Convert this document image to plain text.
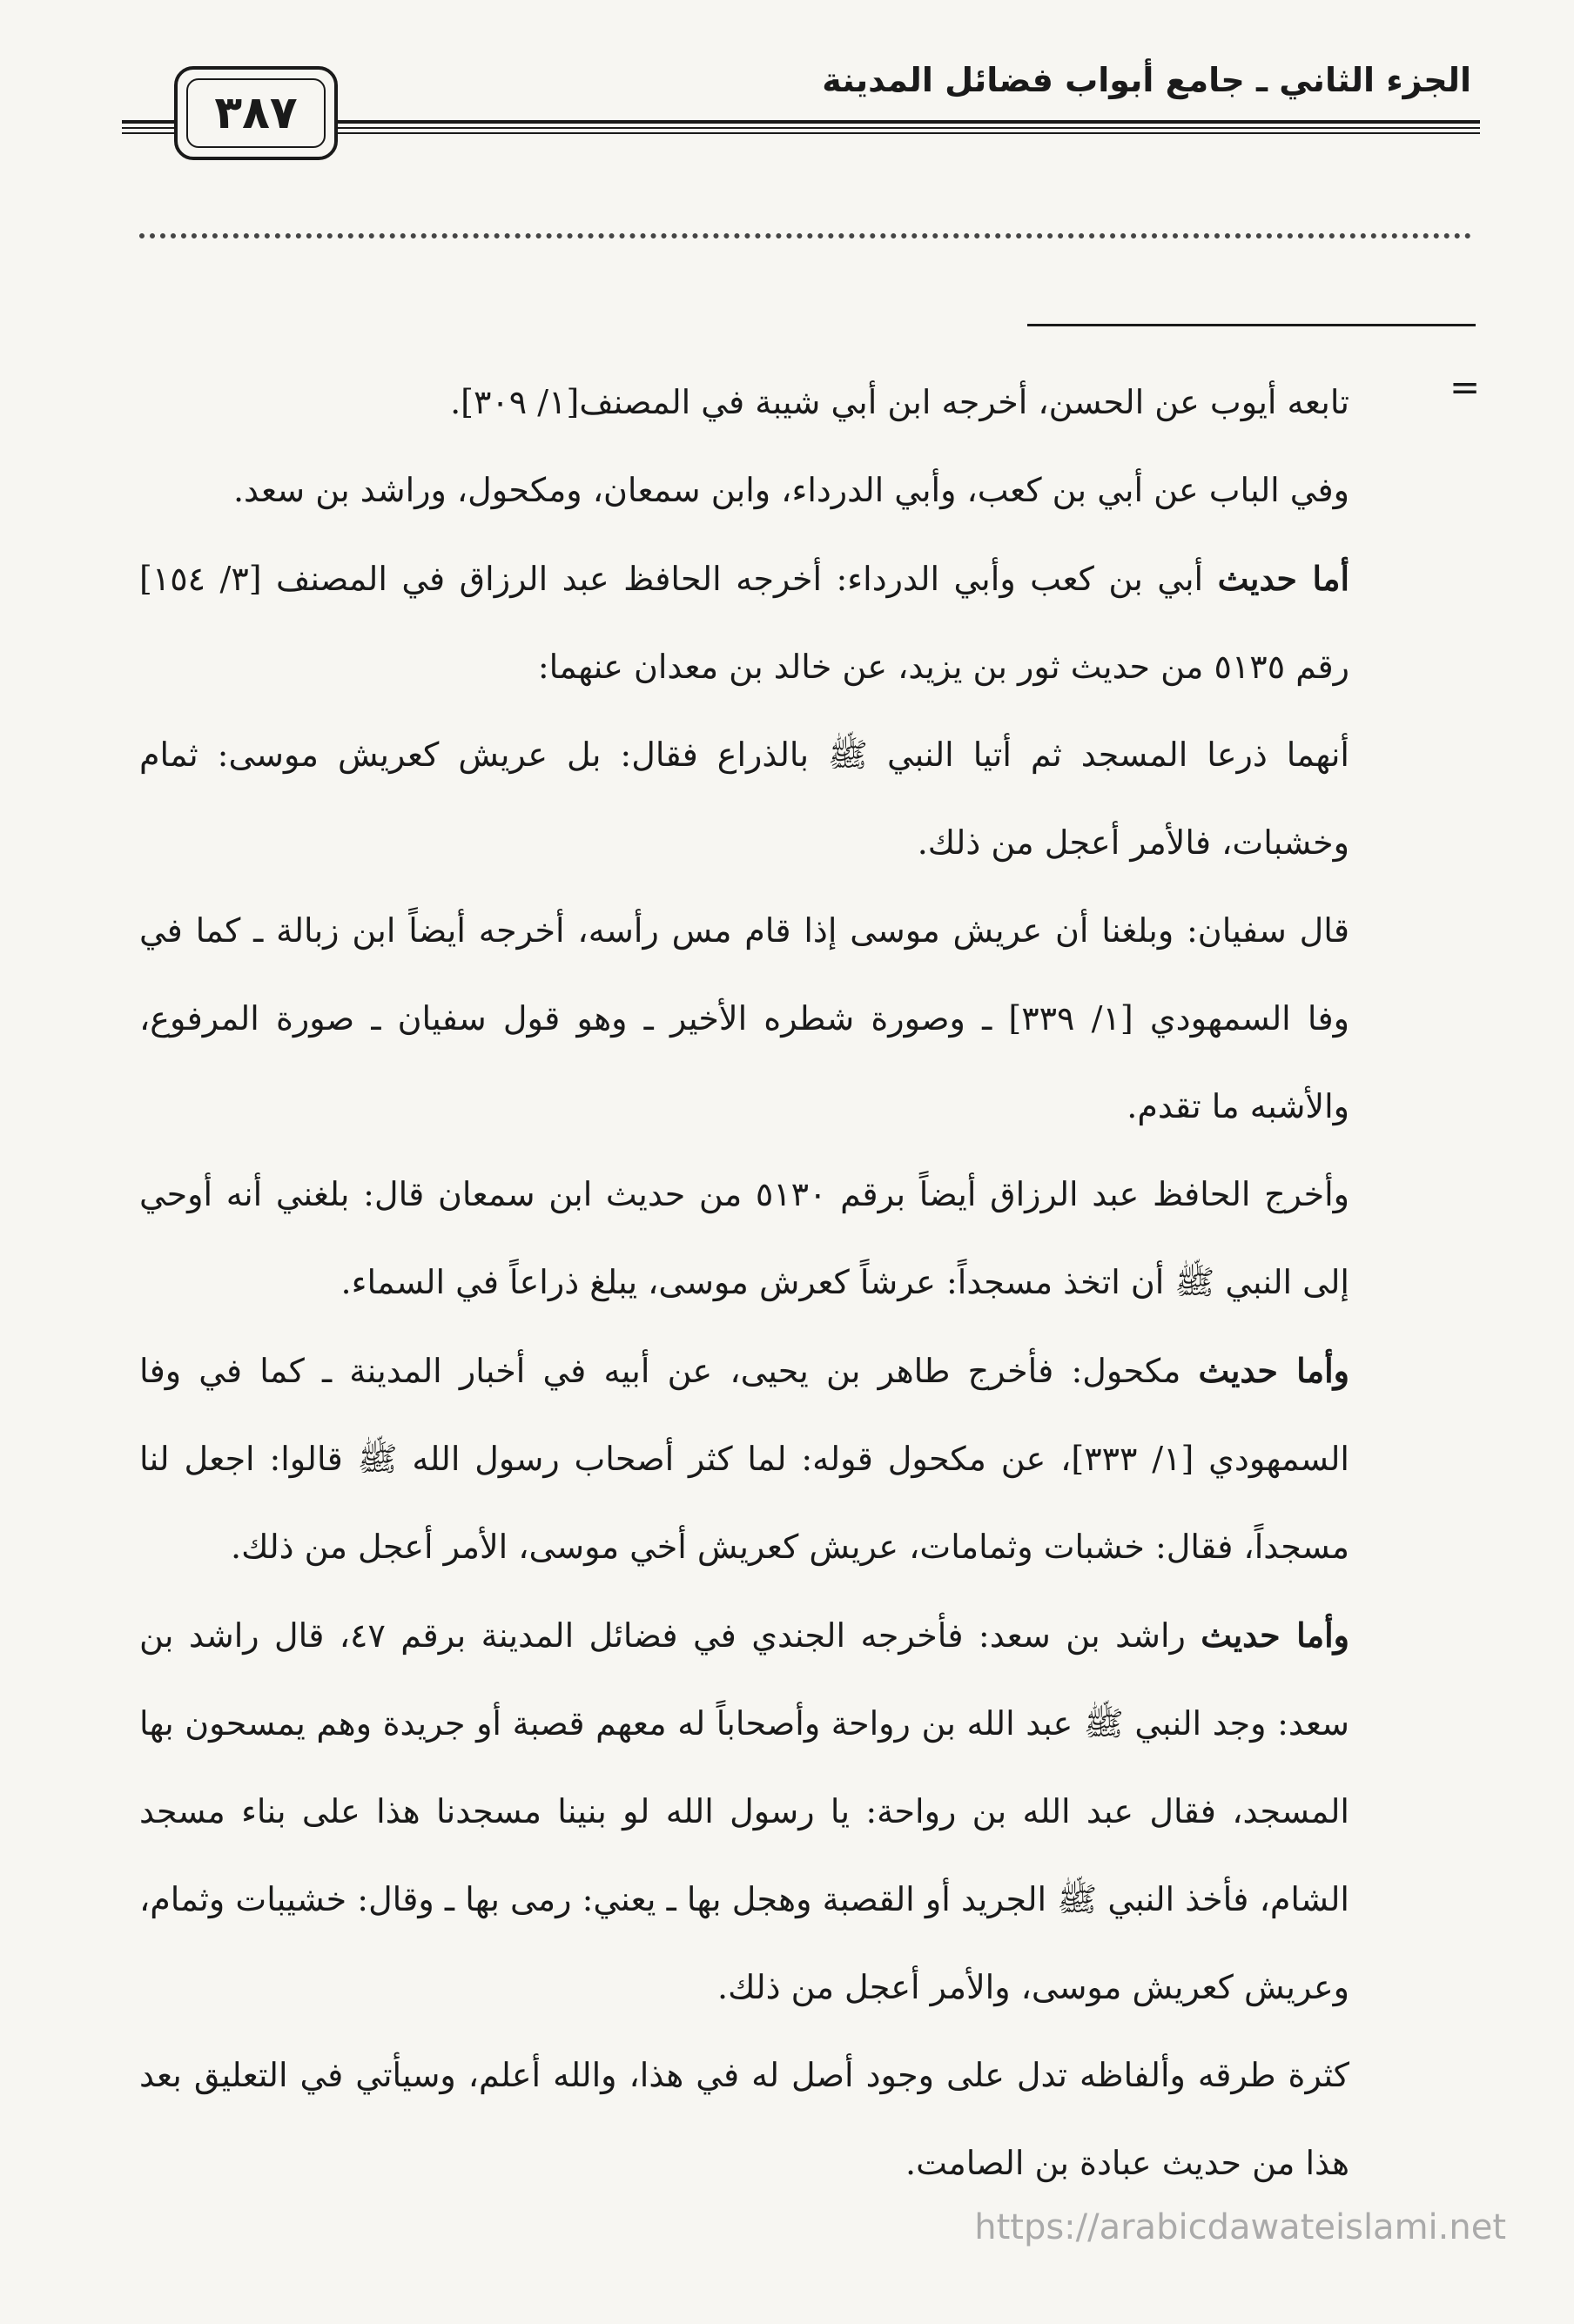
الجزء الثاني ـ جامع أبواب فضائل المدينة
٣٨٧
=

تابعه أيوب عن الحسن، أخرجه ابن أبي شيبة في المصنف[١/ ٣٠٩].

وفي الباب عن أبي بن كعب، وأبي الدرداء، وابن سمعان، ومكحول، وراشد بن سعد.

أما حديث أبي بن كعب وأبي الدرداء: أخرجه الحافظ عبد الرزاق في المصنف [٣/ ١٥٤] رقم ٥١٣٥ من حديث ثور بن يزيد، عن خالد بن معدان عنهما:

أنهما ذرعا المسجد ثم أتيا النبي ﷺ بالذراع فقال: بل عريش كعريش موسى: ثمام وخشبات، فالأمر أعجل من ذلك.

قال سفيان: وبلغنا أن عريش موسى إذا قام مس رأسه، أخرجه أيضاً ابن زبالة ـ كما في وفا السمهودي [١/ ٣٣٩] ـ وصورة شطره الأخير ـ وهو قول سفيان ـ صورة المرفوع، والأشبه ما تقدم.

وأخرج الحافظ عبد الرزاق أيضاً برقم ٥١٣٠ من حديث ابن سمعان قال: بلغني أنه أوحي إلى النبي ﷺ أن اتخذ مسجداً: عرشاً كعرش موسى، يبلغ ذراعاً في السماء.

وأما حديث مكحول: فأخرج طاهر بن يحيى، عن أبيه في أخبار المدينة ـ كما في وفا السمهودي [١/ ٣٣٣]، عن مكحول قوله: لما كثر أصحاب رسول الله ﷺ قالوا: اجعل لنا مسجداً، فقال: خشبات وثمامات، عريش كعريش أخي موسى، الأمر أعجل من ذلك.

وأما حديث راشد بن سعد: فأخرجه الجندي في فضائل المدينة برقم ٤٧، قال راشد بن سعد: وجد النبي ﷺ عبد الله بن رواحة وأصحاباً له معهم قصبة أو جريدة وهم يمسحون بها المسجد، فقال عبد الله بن رواحة: يا رسول الله لو بنينا مسجدنا هذا على بناء مسجد الشام، فأخذ النبي ﷺ الجريد أو القصبة وهجل بها ـ يعني: رمى بها ـ وقال: خشيبات وثمام، وعريش كعريش موسى، والأمر أعجل من ذلك.

كثرة طرقه وألفاظه تدل على وجود أصل له في هذا، والله أعلم، وسيأتي في التعليق بعد هذا من حديث عبادة بن الصامت.

https://arabicdawateislami.net
